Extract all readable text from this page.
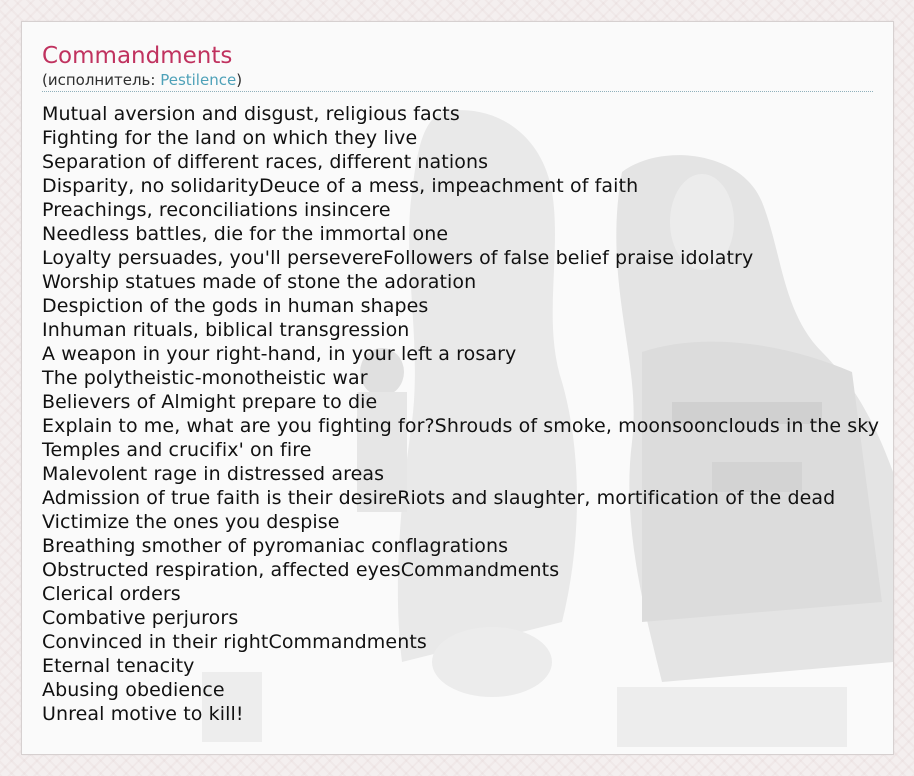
Commandments
(исполнитель: Pestilence)
Mutual aversion and disgust, religious facts
Fighting for the land on which they live
Separation of different races, different nations
Disparity, no solidarityDeuce of a mess, impeachment of faith
Preachings, reconciliations insincere
Needless battles, die for the immortal one
Loyalty persuades, you'll persevereFollowers of false belief praise idolatry
Worship statues made of stone the adoration
Despiction of the gods in human shapes
Inhuman rituals, biblical transgression
A weapon in your right-hand, in your left a rosary
The polytheistic-monotheistic war
Believers of Almight prepare to die
Explain to me, what are you fighting for?Shrouds of smoke, moonsoonclouds in the sky
Temples and crucifix' on fire
Malevolent rage in distressed areas
Admission of true faith is their desireRiots and slaughter, mortification of the dead
Victimize the ones you despise
Breathing smother of pyromaniac conflagrations
Obstructed respiration, affected eyesCommandments
Clerical orders
Combative perjurors
Convinced in their rightCommandments
Eternal tenacity
Abusing obedience
Unreal motive to kill!
